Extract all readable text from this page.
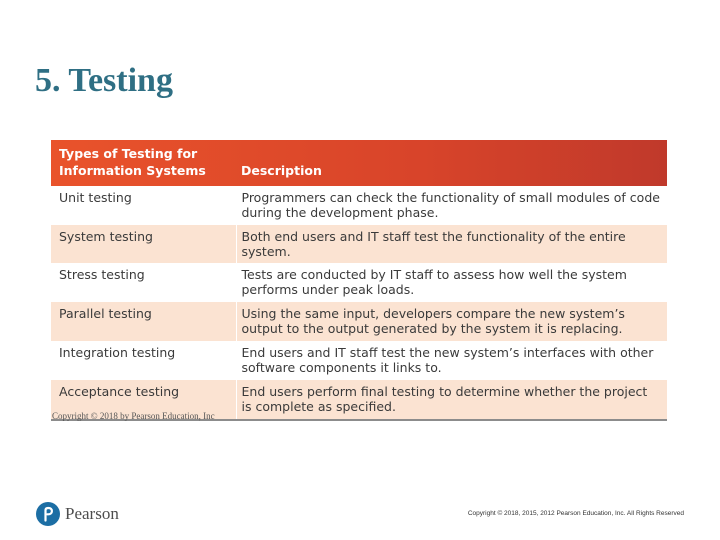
5. Testing
Types of Testing for Information Systems	Description
Unit testing	Programmers can check the functionality of small modules of code during the development phase.
System testing	Both end users and IT staff test the functionality of the entire system.
Stress testing	Tests are conducted by IT staff to assess how well the system performs under peak loads.
Parallel testing	Using the same input, developers compare the new system’s output to the output generated by the system it is replacing.
Integration testing	End users and IT staff test the new system’s interfaces with other software components it links to.
Acceptance testing	End users perform final testing to determine whether the project is complete as specified.
Copyright © 2018 by Pearson Education, Inc
Pearson	Copyright © 2018, 2015, 2012 Pearson Education, Inc. All Rights Reserved
